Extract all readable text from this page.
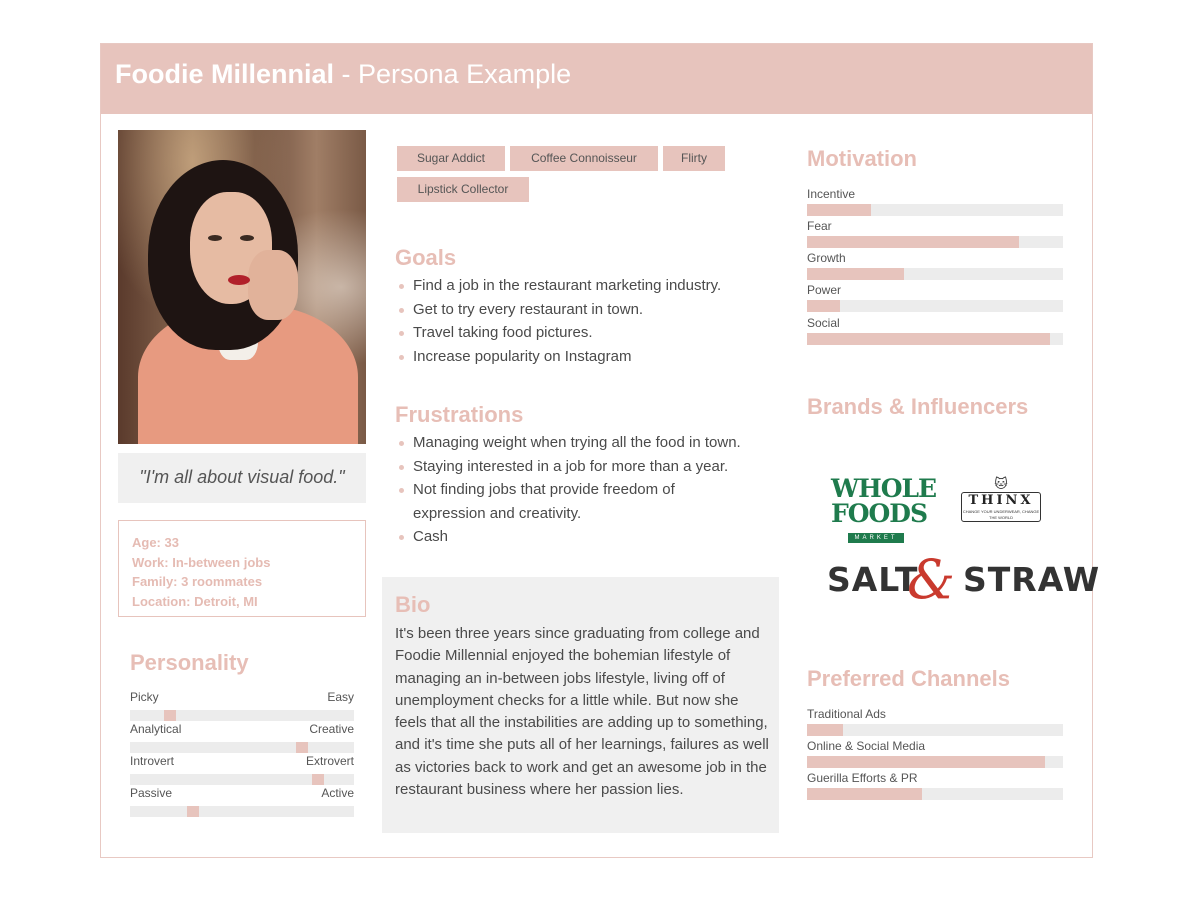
Foodie Millennial - Persona Example
"I'm all about visual food."
Age: 33
Work: In-between jobs
Family: 3 roommates
Location: Detroit, MI
Personality
Picky	Easy
Analytical	Creative
Introvert	Extrovert
Passive	Active
Sugar Addict	Coffee Connoisseur	Flirty
Lipstick Collector
Goals
Find a job in the restaurant marketing industry.
Get to try every restaurant in town.
Travel taking food pictures.
Increase popularity on Instagram
Frustrations
Managing weight when trying all the food in town.
Staying interested in a job for more than a year.
Not finding jobs that provide freedom of expression and creativity.
Cash
Bio

It's been three years since graduating from college and Foodie Millennial enjoyed the bohemian lifestyle of managing an in-between jobs lifestyle, living off of unemployment checks for a little while. But now she feels that all the instabilities are adding up to something, and it's time she puts all of her learnings, failures as well as victories back to work and get an awesome job in the restaurant business where her passion lies.

Motivation
Incentive
Fear
Growth
Power
Social
Brands & Influencers
WHOLE
FOODS
MARKET
🐱
THINX
CHANGE YOUR UNDERWEAR, CHANGE THE WORLD
SALT
& STRAW
Preferred Channels
Traditional Ads
Online & Social Media
Guerilla Efforts & PR
